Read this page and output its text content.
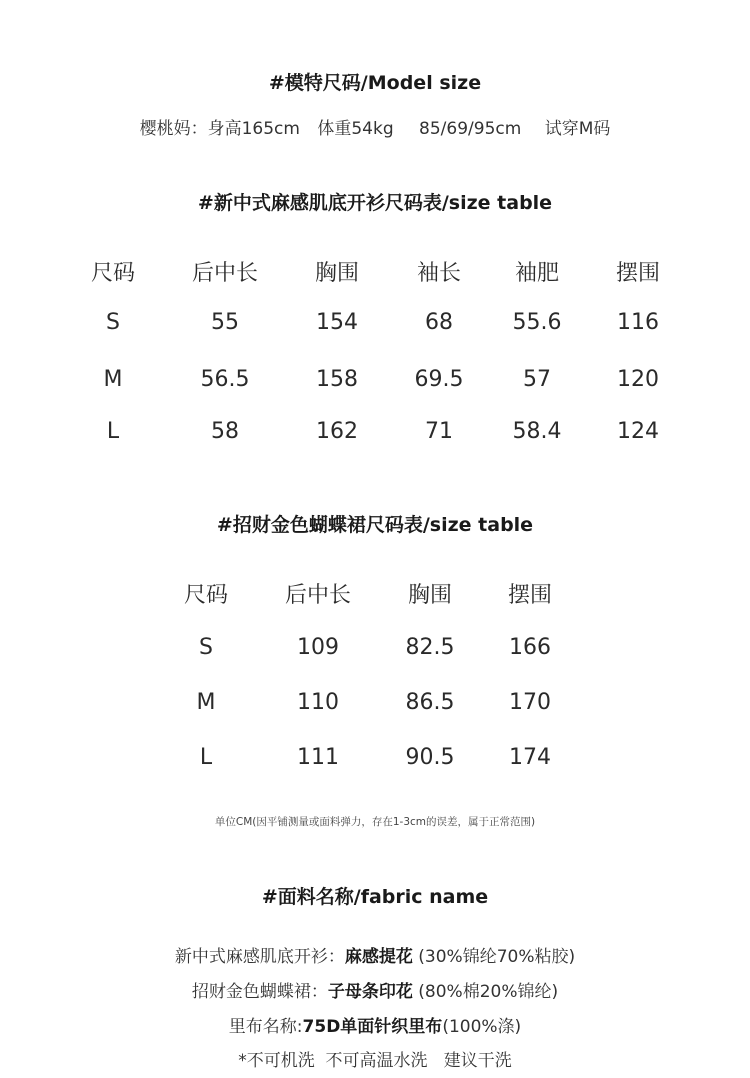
#模特尺码/Model size
樱桃妈：身高165cm 体重54kg 85/69/95cm 试穿M码
#新中式麻感肌底开衫尺码表/size table
尺码	后中长	胸围	袖长 袖肥	摆围
S	55	154	68	55.6	116
M	56.5	158	69.5	57	120
L	58	162	71	58.4	124
#招财金色蝴蝶裙尺码表/size table
尺码	后中长	胸围	摆围
S	109	82.5 166
M	110	86.5 170
L	111	90.5 174
单位CM(因平铺测量或面料弹力，存在1-3cm的误差，属于正常范围)
#面料名称/fabric name
新中式麻感肌底开衫：麻感提花 (30%锦纶70%粘胶)
招财金色蝴蝶裙：子母条印花 (80%棉20%锦纶)
里布名称:75D单面针织里布(100%涤)
*不可机洗  不可高温水洗   建议干洗
